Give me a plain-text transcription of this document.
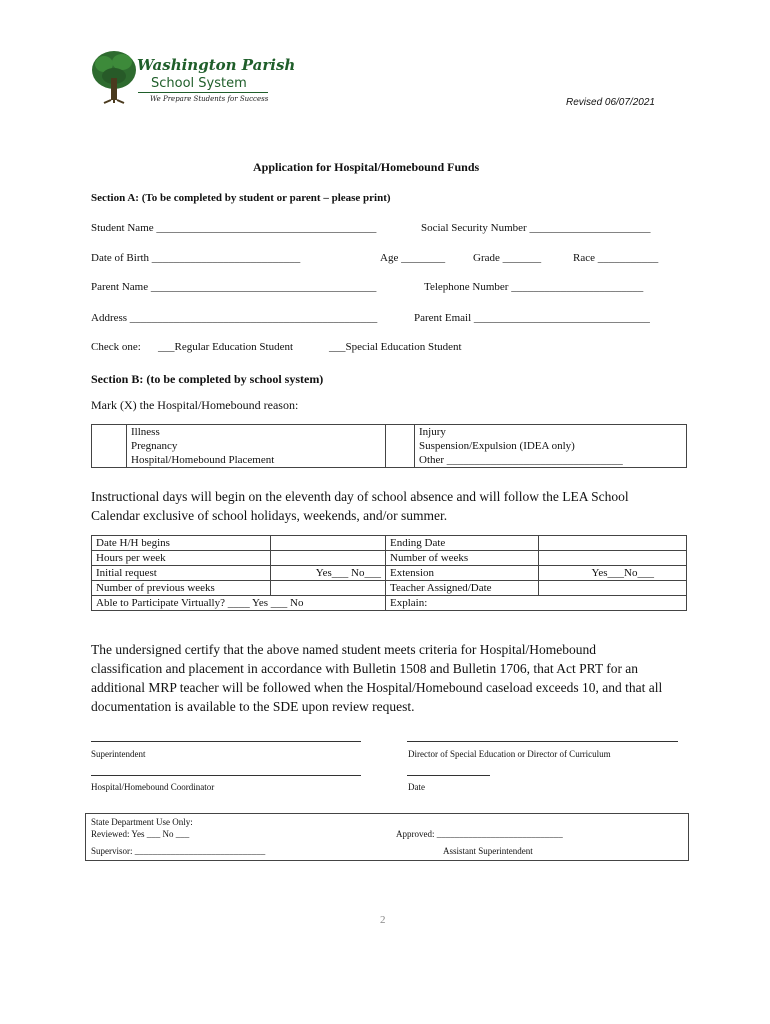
Washington Parish
School System
We Prepare Students for Success	Revised 06/07/2021
Application for Hospital/Homebound Funds
Section A: (To be completed by student or parent – please print)
Student Name ________________________________________	Social Security Number ______________________
Date of Birth ___________________________	Age ________	Grade _______	Race ___________
Parent Name _________________________________________	Telephone Number ________________________
Address _____________________________________________	Parent Email ________________________________
Check one: ___Regular Education Student	___Special Education Student
Section B: (to be completed by school system)
Mark (X) the Hospital/Homebound reason:
	Illness		Injury
	Pregnancy		Suspension/Expulsion (IDEA only)
	Hospital/Homebound Placement		Other ________________________________
Instructional days will begin on the eleventh day of school absence and will follow the LEA School
Calendar exclusive of school holidays, weekends, and/or summer.
Date H/H begins		Ending Date	
Hours per week		Number of weeks	
Initial request	Yes___ No___	Extension	Yes___No___
Number of previous weeks		Teacher Assigned/Date	
Able to Participate Virtually? ____ Yes ___ No		Explain:	
The undersigned certify that the above named student meets criteria for Hospital/Homebound
classification and placement in accordance with Bulletin 1508 and Bulletin 1706, that Act PRT for an
additional MRP teacher will be followed when the Hospital/Homebound caseload exceeds 10, and that all
documentation is available to the SDE upon review request.
Superintendent	Director of Special Education or Director of Curriculum
Hospital/Homebound Coordinator	Date
State Department Use Only:
Reviewed: Yes ___ No ___	Approved: ____________________________
Supervisor: _____________________________	Assistant Superintendent
2
